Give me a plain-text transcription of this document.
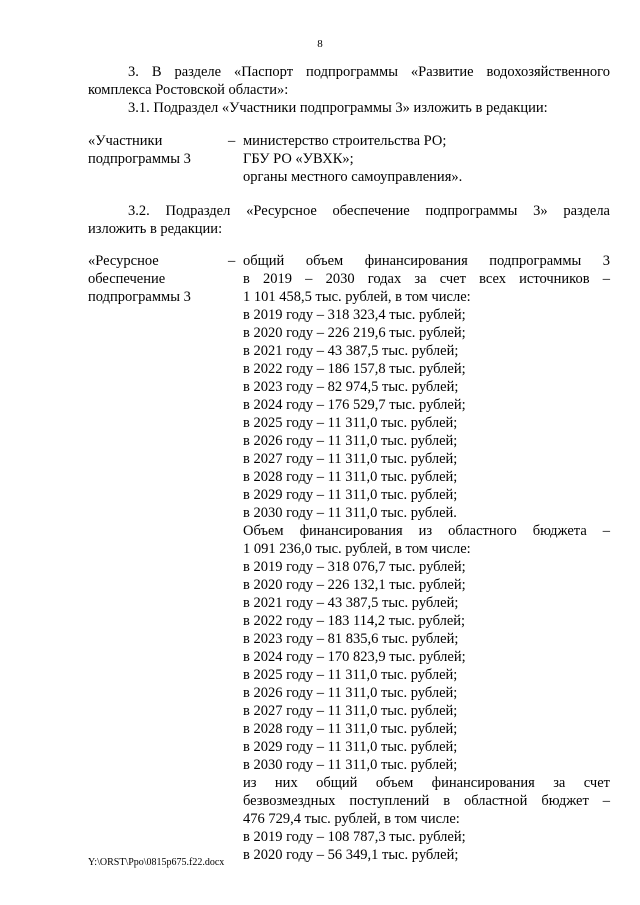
8
3. В разделе «Паспорт подпрограммы «Развитие водохозяйственного
комплекса Ростовской области»:
3.1. Подраздел «Участники подпрограммы 3» изложить в редакции:
«Участники
подпрограммы 3
– министерство строительства РО;
ГБУ РО «УВХК»;
органы местного самоуправления».
3.2. Подраздел «Ресурсное обеспечение подпрограммы 3» раздела
изложить в редакции:
«Ресурсное
обеспечение
подпрограммы 3
– общий объем финансирования подпрограммы 3
в 2019 – 2030 годах за счет всех источников –
1 101 458,5 тыс. рублей, в том числе:
в 2019 году – 318 323,4 тыс. рублей;
в 2020 году – 226 219,6 тыс. рублей;
в 2021 году – 43 387,5 тыс. рублей;
в 2022 году – 186 157,8 тыс. рублей;
в 2023 году – 82 974,5 тыс. рублей;
в 2024 году – 176 529,7 тыс. рублей;
в 2025 году – 11 311,0 тыс. рублей;
в 2026 году – 11 311,0 тыс. рублей;
в 2027 году – 11 311,0 тыс. рублей;
в 2028 году – 11 311,0 тыс. рублей;
в 2029 году – 11 311,0 тыс. рублей;
в 2030 году – 11 311,0 тыс. рублей.
Объем финансирования из областного бюджета –
1 091 236,0 тыс. рублей, в том числе:
в 2019 году – 318 076,7 тыс. рублей;
в 2020 году – 226 132,1 тыс. рублей;
в 2021 году – 43 387,5 тыс. рублей;
в 2022 году – 183 114,2 тыс. рублей;
в 2023 году – 81 835,6 тыс. рублей;
в 2024 году – 170 823,9 тыс. рублей;
в 2025 году – 11 311,0 тыс. рублей;
в 2026 году – 11 311,0 тыс. рублей;
в 2027 году – 11 311,0 тыс. рублей;
в 2028 году – 11 311,0 тыс. рублей;
в 2029 году – 11 311,0 тыс. рублей;
в 2030 году – 11 311,0 тыс. рублей;
из них общий объем финансирования за счет
безвозмездных поступлений в областной бюджет –
476 729,4 тыс. рублей, в том числе:
в 2019 году – 108 787,3 тыс. рублей;
в 2020 году – 56 349,1 тыс. рублей;
Y:\ORST\Ppo\0815p675.f22.docx
